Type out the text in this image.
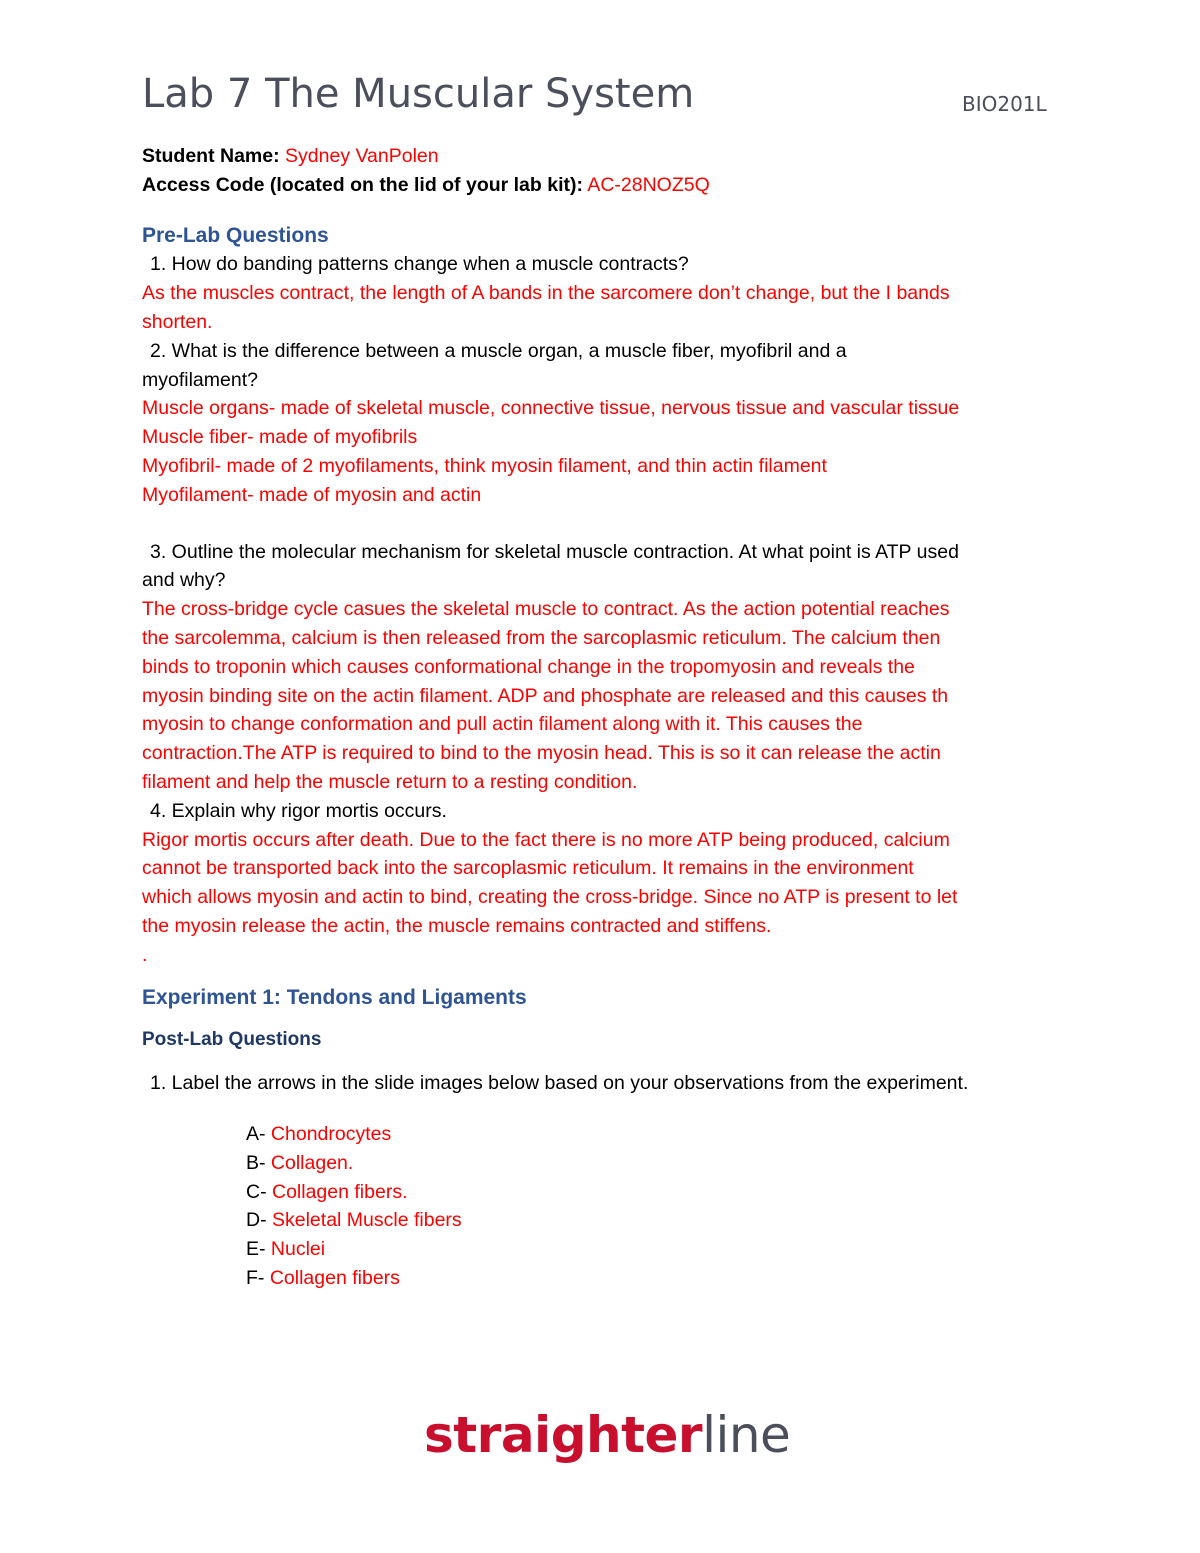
Lab 7 The Muscular System	BIO201L
Student Name: Sydney VanPolen
Access Code (located on the lid of your lab kit): AC-28NOZ5Q
Pre-Lab Questions
1. How do banding patterns change when a muscle contracts?
As the muscles contract, the length of A bands in the sarcomere don’t change, but the I bands
shorten.
2. What is the difference between a muscle organ, a muscle fiber, myofibril and a
myofilament?
Muscle organs- made of skeletal muscle, connective tissue, nervous tissue and vascular tissue
Muscle fiber- made of myofibrils
Myofibril- made of 2 myofilaments, think myosin filament, and thin actin filament
Myofilament- made of myosin and actin
3. Outline the molecular mechanism for skeletal muscle contraction. At what point is ATP used
and why?
The cross-bridge cycle casues the skeletal muscle to contract. As the action potential reaches
the sarcolemma, calcium is then released from the sarcoplasmic reticulum. The calcium then
binds to troponin which causes conformational change in the tropomyosin and reveals the
myosin binding site on the actin filament. ADP and phosphate are released and this causes th
myosin to change conformation and pull actin filament along with it. This causes the
contraction.The ATP is required to bind to the myosin head. This is so it can release the actin
filament and help the muscle return to a resting condition.
4. Explain why rigor mortis occurs.
Rigor mortis occurs after death. Due to the fact there is no more ATP being produced, calcium
cannot be transported back into the sarcoplasmic reticulum. It remains in the environment
which allows myosin and actin to bind, creating the cross-bridge. Since no ATP is present to let
the myosin release the actin, the muscle remains contracted and stiffens.
.
Experiment 1: Tendons and Ligaments
Post-Lab Questions
1. Label the arrows in the slide images below based on your observations from the experiment.
A- Chondrocytes
B- Collagen.
C- Collagen fibers.
D- Skeletal Muscle fibers
E- Nuclei
F- Collagen fibers
straighterline
